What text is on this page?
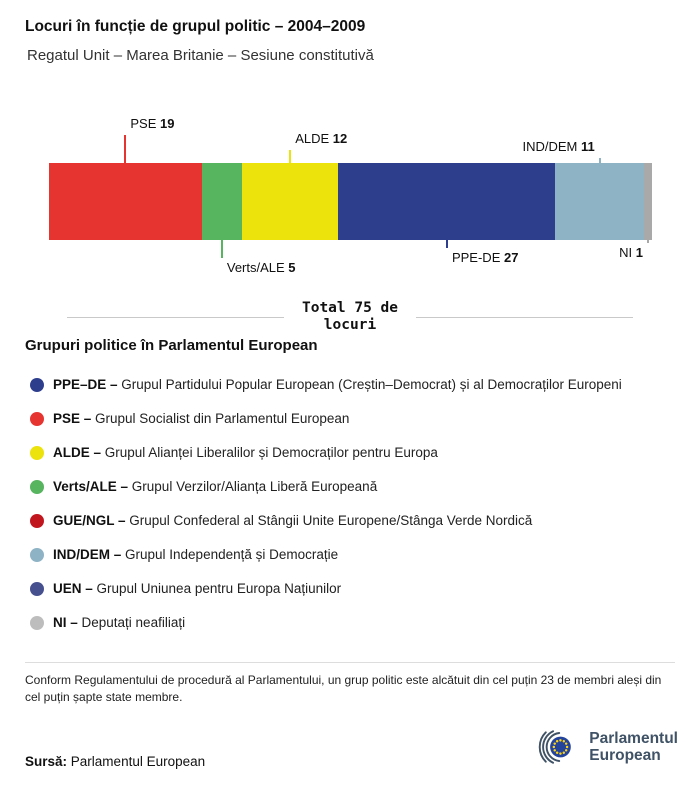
Locuri în funcție de grupul politic – 2004–2009
Regatul Unit – Marea Britanie – Sesiune constitutivă
PSE 19
Verts/ALE 5
ALDE 12
PPE-DE 27
IND/DEM 11
NI 1
Total 75 de locuri
Grupuri politice în Parlamentul European
PPE–DE – Grupul Partidului Popular European (Creștin–Democrat) și al Democraților Europeni
PSE – Grupul Socialist din Parlamentul European
ALDE – Grupul Alianței Liberalilor și Democraților pentru Europa
Verts/ALE – Grupul Verzilor/Alianța Liberă Europeană
GUE/NGL – Grupul Confederal al Stângii Unite Europene/Stânga Verde Nordică
IND/DEM – Grupul Independență și Democrație
UEN – Grupul Uniunea pentru Europa Națiunilor
NI – Deputați neafiliați

Conform Regulamentului de procedură al Parlamentului, un grup politic este alcătuit din cel puțin 23 de membri aleși din cel puțin șapte state membre.

Sursă: Parlamentul European
Parlamentul
European
